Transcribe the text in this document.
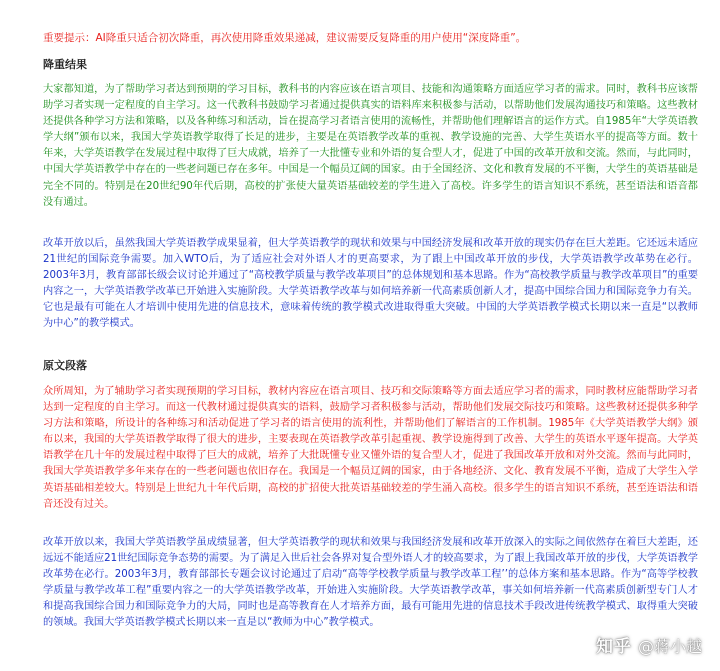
重要提示：AI降重只适合初次降重，再次使用降重效果递减，建议需要反复降重的用户使用“深度降重”。
降重结果

大家都知道，为了帮助学习者达到预期的学习目标，教科书的内容应该在语言项目、技能和沟通策略方面适应学习者的需求。同时，教科书应该帮助学习者实现一定程度的自主学习。这一代教科书鼓励学习者通过提供真实的语料库来积极参与活动，以帮助他们发展沟通技巧和策略。这些教材还提供各种学习方法和策略，以及各种练习和活动，旨在提高学习者语言使用的流畅性，并帮助他们理解语言的运作方式。自1985年“大学英语教学大纲”颁布以来，我国大学英语教学取得了长足的进步，主要是在英语教学改革的重视、教学设施的完善、大学生英语水平的提高等方面。数十年来，大学英语教学在发展过程中取得了巨大成就，培养了一大批懂专业和外语的复合型人才，促进了中国的改革开放和交流。然而，与此同时，中国大学英语教学中存在的一些老问题已存在多年。中国是一个幅员辽阔的国家。由于全国经济、文化和教育发展的不平衡，大学生的英语基础是完全不同的。特别是在20世纪90年代后期，高校的扩张使大量英语基础较差的学生进入了高校。许多学生的语言知识不系统，甚至语法和语音都没有通过。

改革开放以后，虽然我国大学英语教学成果显着，但大学英语教学的现状和效果与中国经济发展和改革开放的现实仍存在巨大差距。它还远未适应21世纪的国际竞争需要。加入WTO后，为了适应社会对外语人才的更高要求，为了跟上中国改革开放的步伐，大学英语教学改革势在必行。 2003年3月，教育部部长级会议讨论并通过了“高校教学质量与教学改革项目”的总体规划和基本思路。作为“高校教学质量与教学改革项目”的重要内容之一，大学英语教学改革已开始进入实施阶段。大学英语教学改革与如何培养新一代高素质创新人才，提高中国综合国力和国际竞争力有关。它也是最有可能在人才培训中使用先进的信息技术，意味着传统的教学模式改进取得重大突破。中国的大学英语教学模式长期以来一直是“以教师为中心”的教学模式。

原文段落

众所周知，为了辅助学习者实现预期的学习目标，教材内容应在语言项目、技巧和交际策略等方面去适应学习者的需求，同时教材应能帮助学习者达到一定程度的自主学习。而这一代教材通过提供真实的语料，鼓励学习者积极参与活动，帮助他们发展交际技巧和策略。这些教材还提供多种学习方法和策略，所设计的各种练习和活动促进了学习者的语言使用的流利性，并帮助他们了解语言的工作机制。1985年《大学英语教学大纲》颁布以来，我国的大学英语教学取得了很大的进步，主要表现在英语教学改革引起重视、教学设施得到了改善、大学生的英语水平逐年提高。大学英语教学在几十年的发展过程中取得了巨大的成就，培养了大批既懂专业又懂外语的复合型人才，促进了我国改革开放和对外交流。然而与此同时，我国大学英语教学多年来存在的一些老问题也依旧存在。我国是一个幅员辽阔的国家，由于各地经济、文化、教育发展不平衡，造成了大学生入学英语基础相差较大。特别是上世纪九十年代后期，高校的扩招使大批英语基础较差的学生涌入高校。很多学生的语言知识不系统，甚至连语法和语音还没有过关。

改革开放以来，我国大学英语教学虽成绩显著，但大学英语教学的现状和效果与我国经济发展和改革开放深入的实际之间依然存在着巨大差距，还远远不能适应21世纪国际竞争态势的需要。为了满足入世后社会各界对复合型外语人才的较高要求，为了跟上我国改革开放的步伐，大学英语教学改革势在必行。2003年3月，教育部部长专题会议讨论通过了启动“高等学校教学质量与教学改革工程’’的总体方案和基本思路。作为“高等学校教学质量与教学改革工程”重要内容之一的大学英语教学改革，开始进入实施阶段。大学英语教学改革，事关如何培养新一代高素质创新型专门人才和提高我国综合国力和国际竞争力的大局，同时也是高等教育在人才培养方面，最有可能用先进的信息技术手段改进传统教学模式、取得重大突破的领域。我国大学英语教学模式长期以来一直是以“教师为中心”教学模式。

知乎 @蒋小越
